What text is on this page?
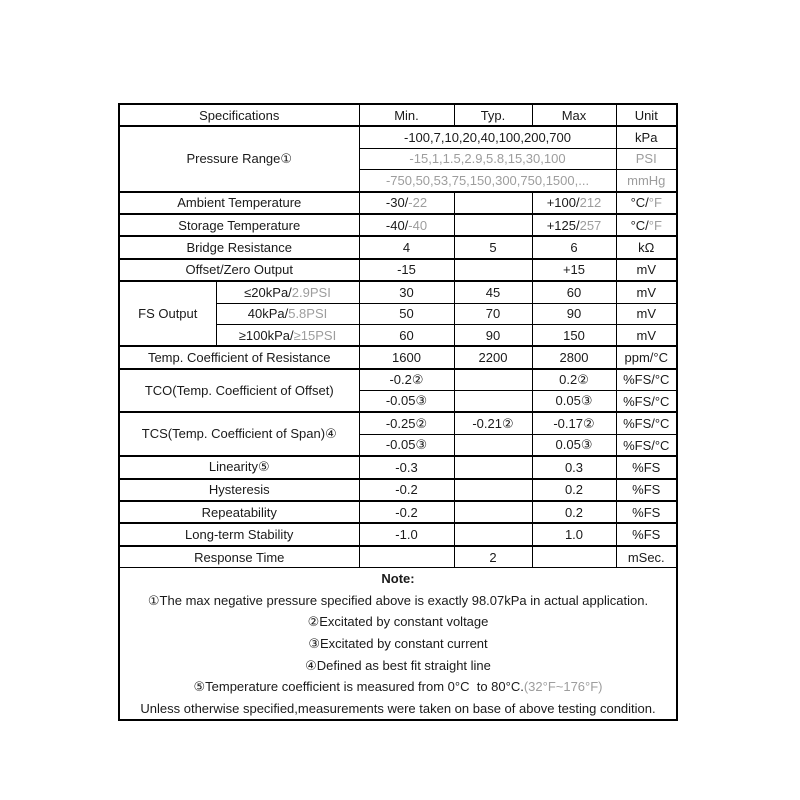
Specifications		Min.	Typ.	Max	Unit
Pressure Range①		-100,7,10,20,40,100,200,700			kPa
		-15,1,1.5,2.9,5.8,15,30,100			PSI
		-750,50,53,75,150,300,750,1500,...			mmHg
Ambient Temperature		-30/-22		+100/212	°C/°F
Storage Temperature		-40/-40		+125/257	°C/°F
Bridge Resistance		4	5	6	kΩ
Offset/Zero Output		-15		+15	mV
FS Output	≤20kPa/2.9PSI	30	45	60	mV
	40kPa/5.8PSI	50	70	90	mV
	≥100kPa/≥15PSI	60	90	150	mV
Temp. Coefficient of Resistance		1600	2200	2800	ppm/°C
TCO(Temp. Coefficient of Offset)		-0.2②		0.2②	%FS/°C
		-0.05③		0.05③	%FS/°C
TCS(Temp. Coefficient of Span)④		-0.25②	-0.21②	-0.17②	%FS/°C
		-0.05③		0.05③	%FS/°C
Linearity⑤		-0.3		0.3	%FS
Hysteresis		-0.2		0.2	%FS
Repeatability		-0.2		0.2	%FS
Long-term Stability		-1.0		1.0	%FS
Response Time			2		mSec.

Note:
①The max negative pressure specified above is exactly 98.07kPa in actual application.
②Excitated by constant voltage
③Excitated by constant current
④Defined as best fit straight line
⑤Temperature coefficient is measured from 0°C  to 80°C.(32°F~176°F)
Unless otherwise specified,measurements were taken on base of above testing condition.
